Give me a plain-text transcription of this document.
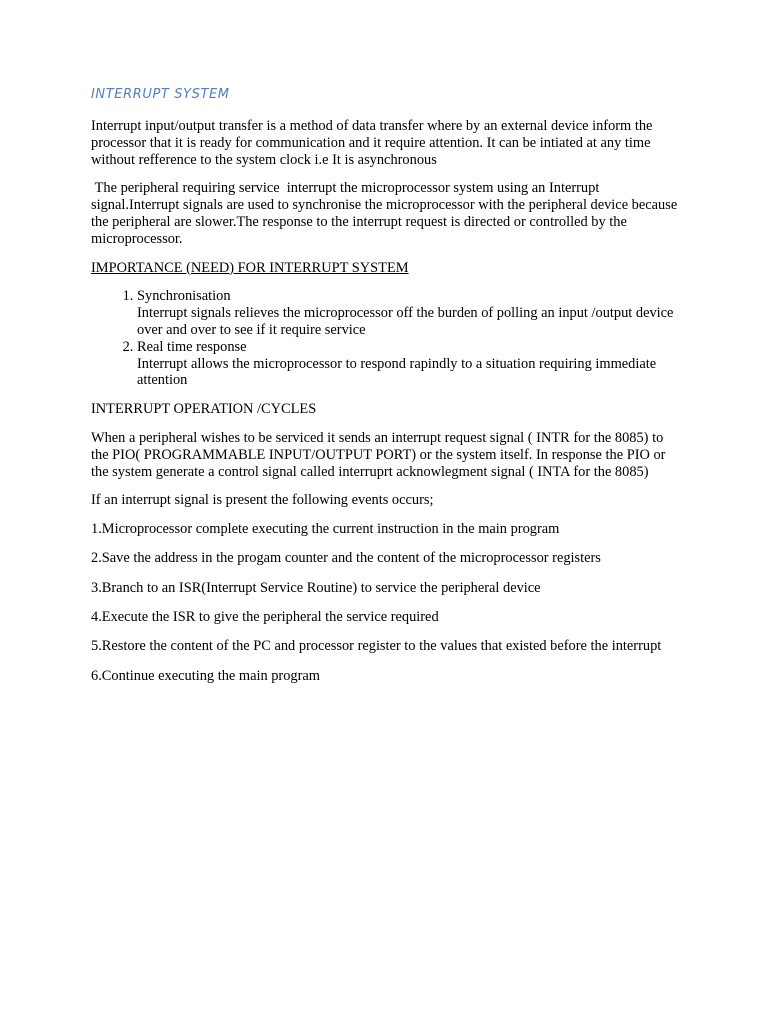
INTERRUPT SYSTEM

Interrupt input/output transfer is a method of data transfer where by an external device inform the processor that it is ready for communication and it require attention. It can be intiated at any time without refference to the system clock i.e It is asynchronous

The peripheral requiring service  interrupt the microprocessor system using an Interrupt signal.Interrupt signals are used to synchronise the microprocessor with the peripheral device because the peripheral are slower.The response to the interrupt request is directed or controlled by the microprocessor.

IMPORTANCE (NEED) FOR INTERRUPT SYSTEM

1. Synchronisation
Interrupt signals relieves the microprocessor off the burden of polling an input /output device over and over to see if it require service
2. Real time response
Interrupt allows the microprocessor to respond rapindly to a situation requiring immediate attention

INTERRUPT OPERATION /CYCLES

When a peripheral wishes to be serviced it sends an interrupt request signal ( INTR for the 8085) to the PIO( PROGRAMMABLE INPUT/OUTPUT PORT) or the system itself. In response the PIO or the system generate a control signal called interruprt acknowlegment signal ( INTA for the 8085)

If an interrupt signal is present the following events occurs;

1.Microprocessor complete executing the current instruction in the main program

2.Save the address in the progam counter and the content of the microprocessor registers

3.Branch to an ISR(Interrupt Service Routine) to service the peripheral device

4.Execute the ISR to give the peripheral the service required

5.Restore the content of the PC and processor register to the values that existed before the interrupt

6.Continue executing the main program
